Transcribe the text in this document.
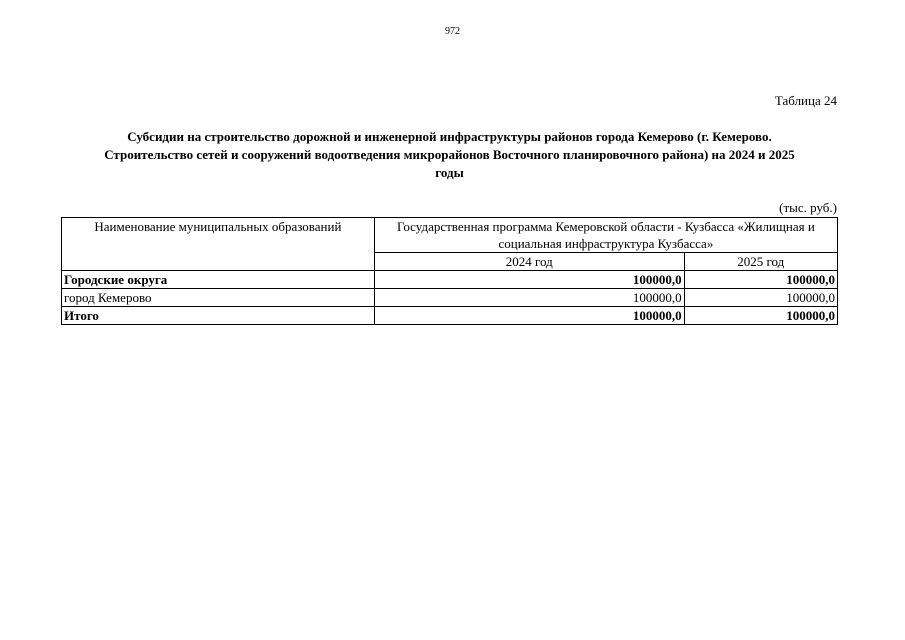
972
Таблица 24
Субсидии на строительство дорожной и инженерной инфраструктуры районов города Кемерово (г. Кемерово.
Строительство сетей и сооружений водоотведения микрорайонов Восточного планировочного района) на 2024 и 2025
годы
(тыс. руб.)
Наименование муниципальных образований	Государственная программа Кемеровской области - Кузбасса «Жилищная и социальная инфраструктура Кузбасса»	
	2024 год	2025 год
Городские округа	100000,0	100000,0
город Кемерово	100000,0	100000,0
Итого	100000,0	100000,0
